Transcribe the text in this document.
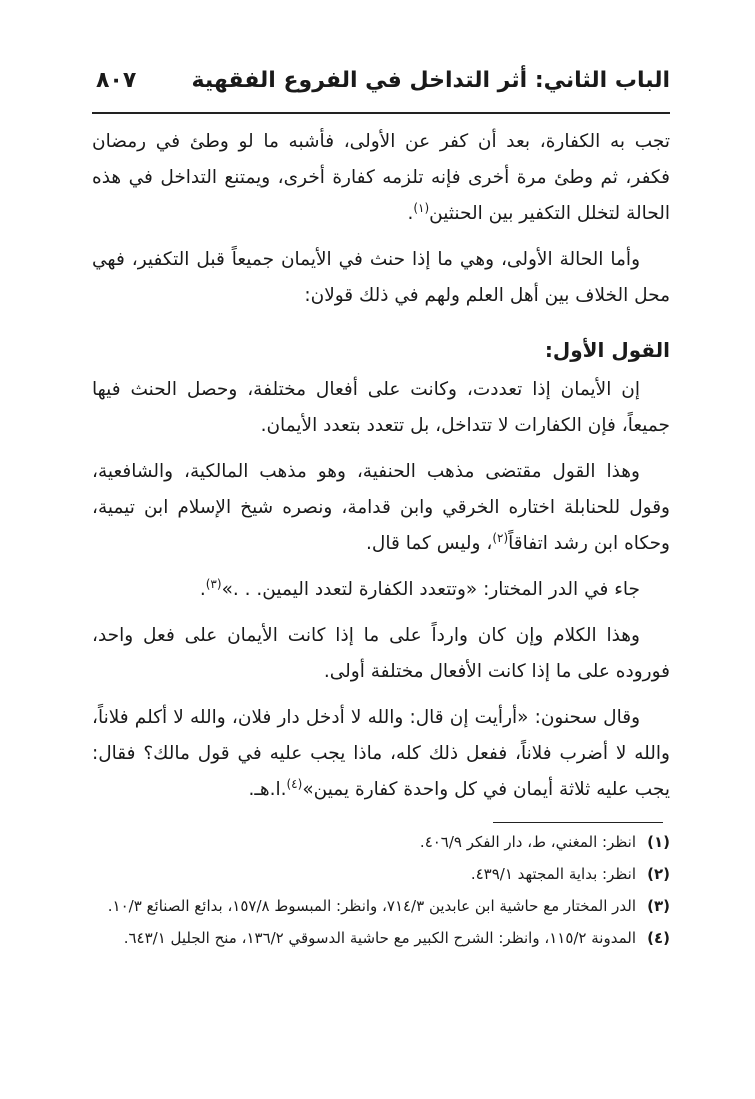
الباب الثاني: أثر التداخل في الفروع الفقهية
٨٠٧

تجب به الكفارة، بعد أن كفر عن الأولى، فأشبه ما لو وطئ في رمضان فكفر، ثم وطئ مرة أخرى فإنه تلزمه كفارة أخرى، ويمتنع التداخل في هذه الحالة لتخلل التكفير بين الحنثين$^{(١)}$.

وأما الحالة الأولى، وهي ما إذا حنث في الأيمان جميعاً قبل التكفير، فهي محل الخلاف بين أهل العلم ولهم في ذلك قولان:

القول الأول:

إن الأيمان إذا تعددت، وكانت على أفعال مختلفة، وحصل الحنث فيها جميعاً، فإن الكفارات لا تتداخل، بل تتعدد بتعدد الأيمان.

وهذا القول مقتضى مذهب الحنفية، وهو مذهب المالكية، والشافعية، وقول للحنابلة اختاره الخرقي وابن قدامة، ونصره شيخ الإسلام ابن تيمية، وحكاه ابن رشد اتفاقاً$^{(٢)}$، وليس كما قال.

جاء في الدر المختار: «وتتعدد الكفارة لتعدد اليمين. . .»$^{(٣)}$.

وهذا الكلام وإن كان وارداً على ما إذا كانت الأيمان على فعل واحد، فوروده على ما إذا كانت الأفعال مختلفة أولى.

وقال سحنون: «أرأيت إن قال: والله لا أدخل دار فلان، والله لا أكلم فلاناً، والله لا أضرب فلاناً، ففعل ذلك كله، ماذا يجب عليه في قول مالك؟ فقال: يجب عليه ثلاثة أيمان في كل واحدة كفارة يمين»$^{(٤)}$.ا.هـ.

(١)
انظر: المغني، ط، دار الفكر ٤٠٦/٩.
(٢)
انظر: بداية المجتهد ٤٣٩/١.
(٣)
الدر المختار مع حاشية ابن عابدين ٧١٤/٣، وانظر: المبسوط ١٥٧/٨، بدائع الصنائع ١٠/٣.
(٤)
المدونة ١١٥/٢، وانظر: الشرح الكبير مع حاشية الدسوقي ١٣٦/٢، منح الجليل ٦٤٣/١.
